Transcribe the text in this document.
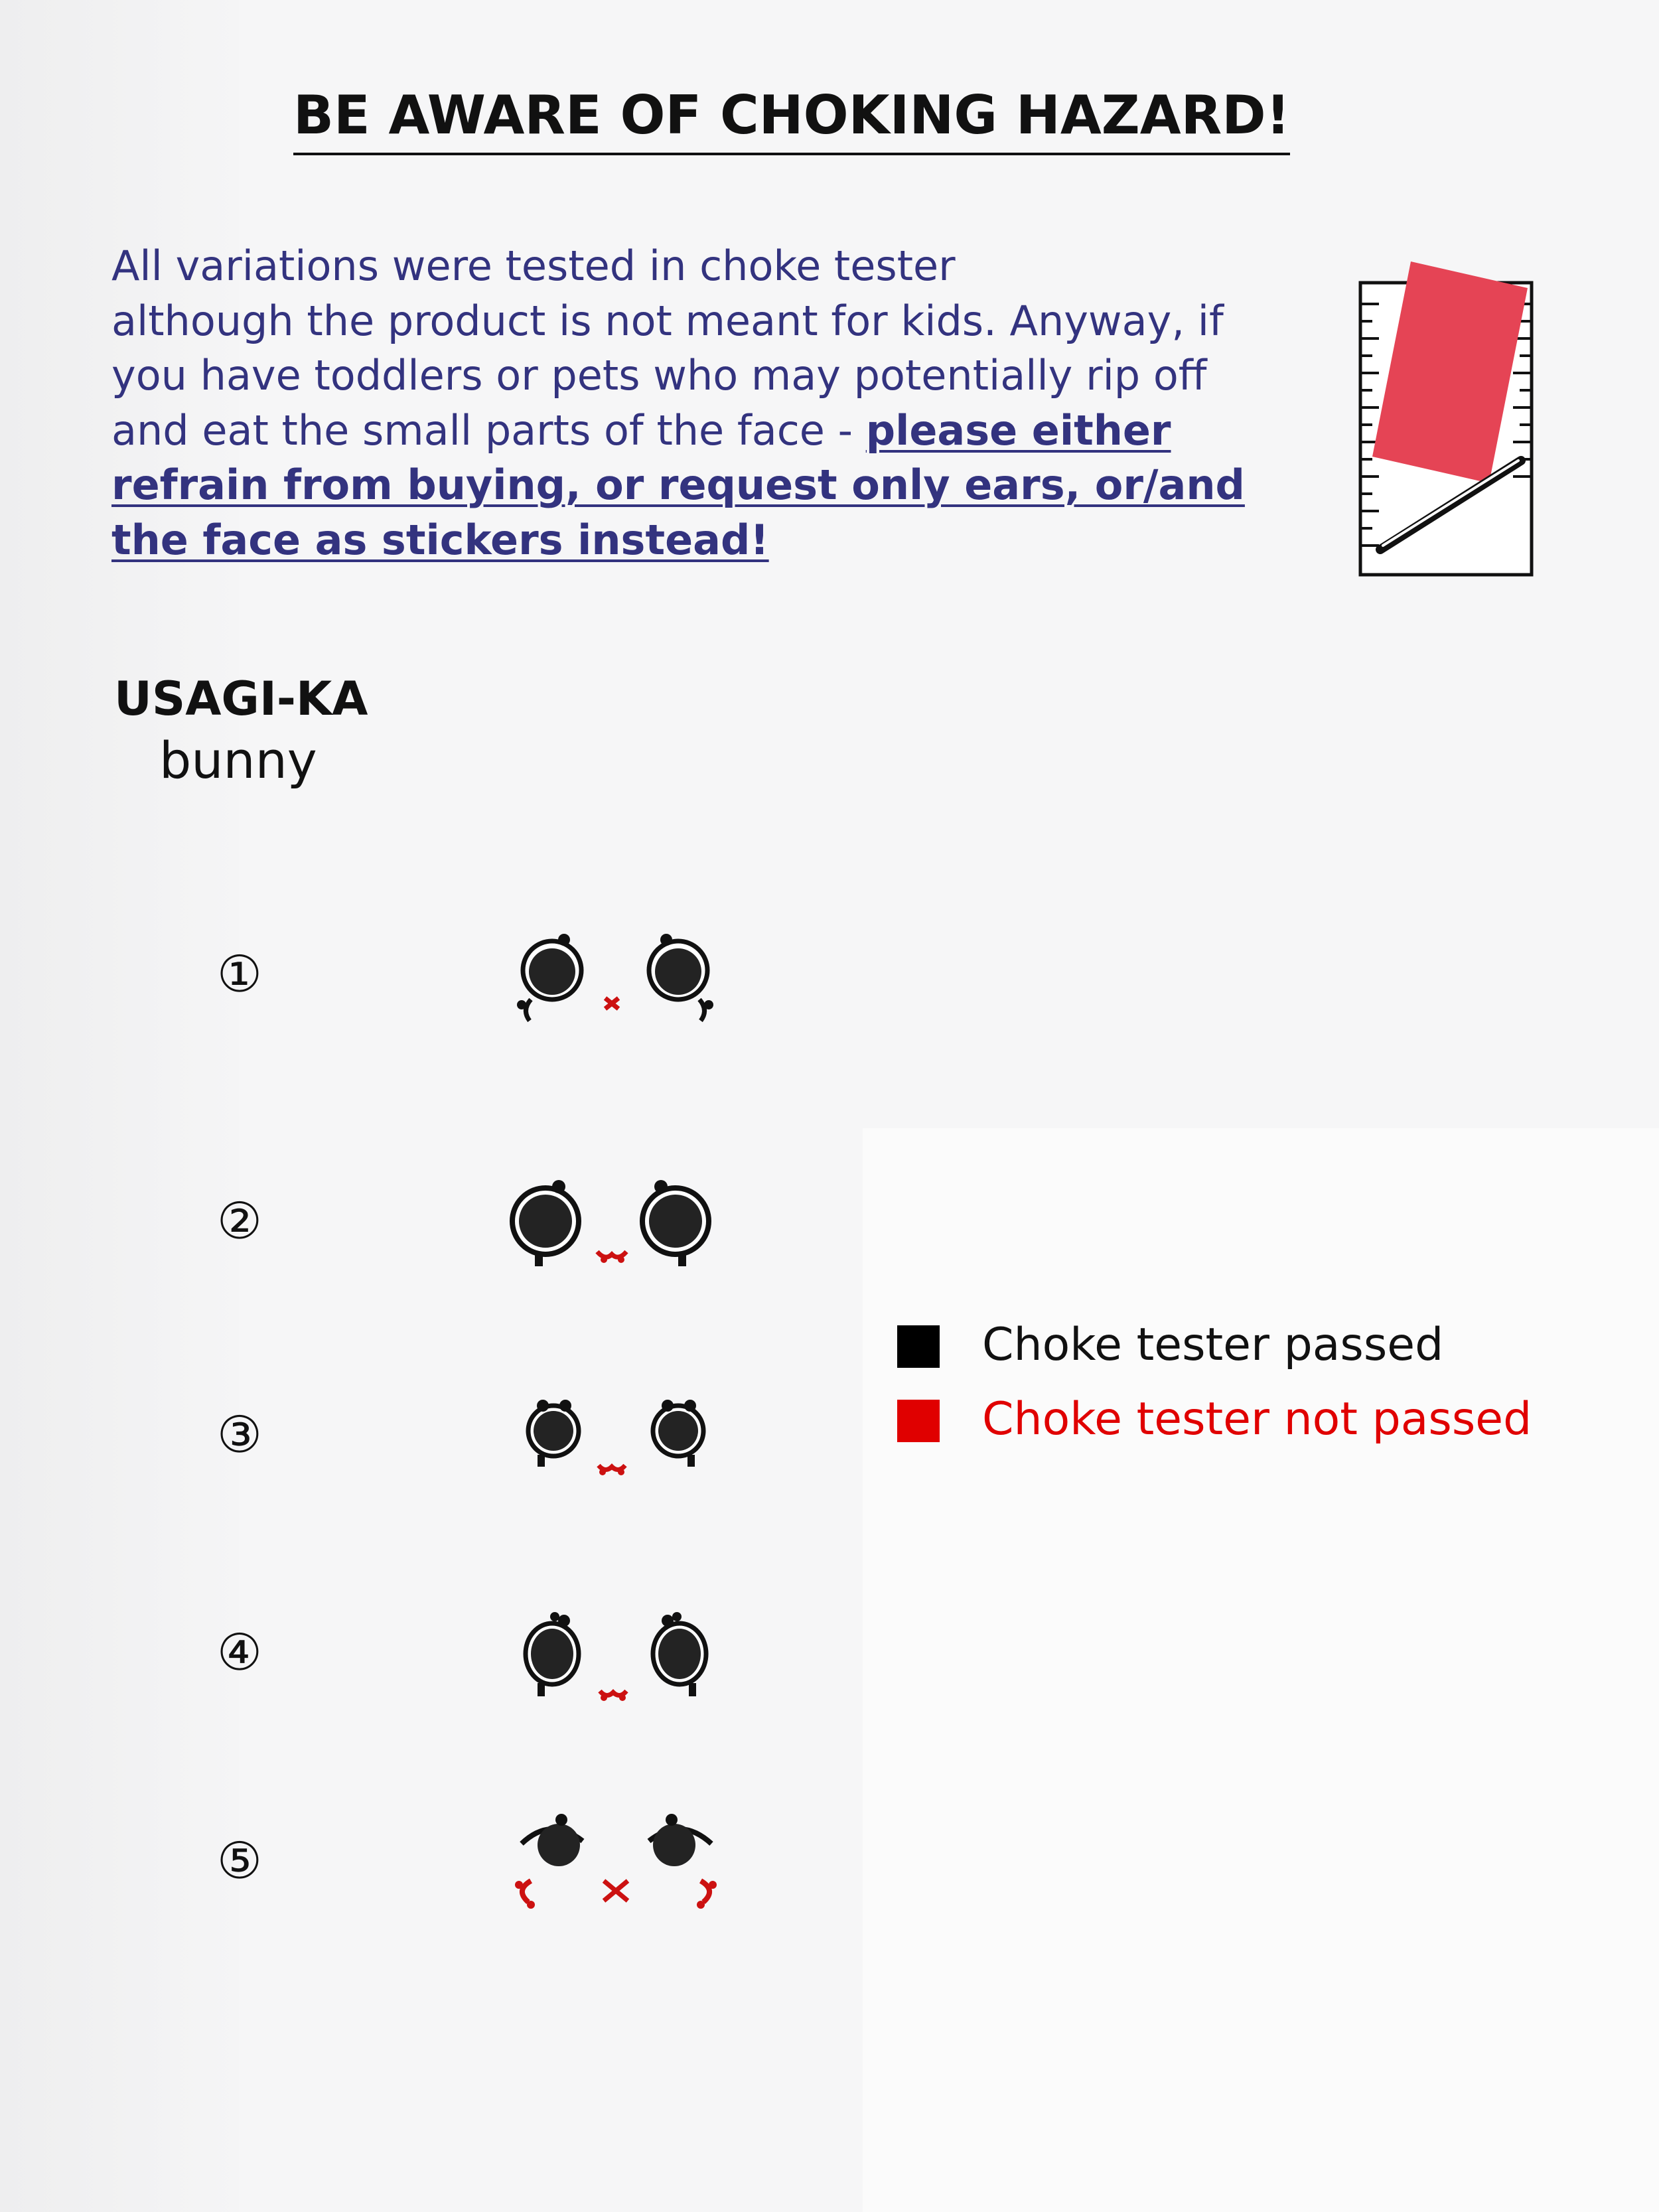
BE AWARE OF CHOKING HAZARD!
All variations were tested in choke tester
although the product is not meant for kids. Anyway, if
you have toddlers or pets who may potentially rip off
and eat the small parts of the face - please either
refrain from buying, or request only ears, or/and
the face as stickers instead!
USAGI-KA
bunny
①
②
③
④
⑤
Choke tester passed
Choke tester not passed
